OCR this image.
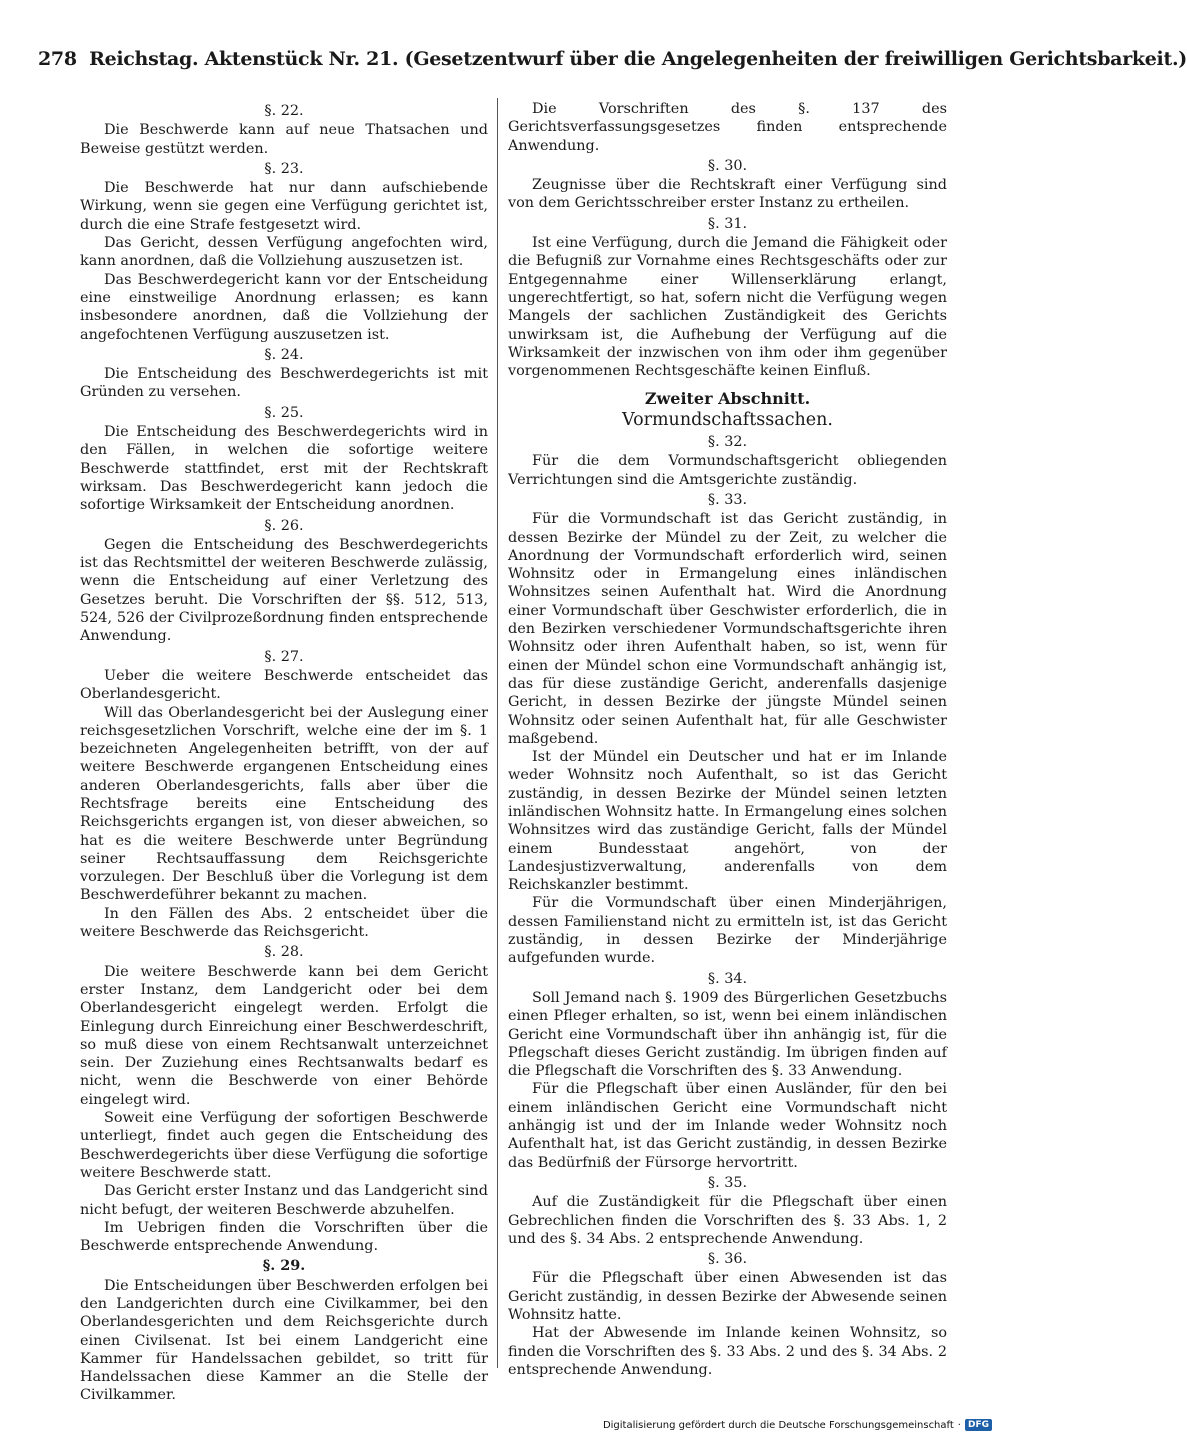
278 Reichstag. Aktenstück Nr. 21. (Gesetzentwurf über die Angelegenheiten der freiwilligen Gerichtsbarkeit.)
§. 22.
Die Beschwerde kann auf neue Thatsachen und Beweise gestützt werden.
§. 23.
Die Beschwerde hat nur dann aufschiebende Wirkung, wenn sie gegen eine Verfügung gerichtet ist, durch die eine Strafe festgesetzt wird.
Das Gericht, dessen Verfügung angefochten wird, kann anordnen, daß die Vollziehung auszusetzen ist.
Das Beschwerdegericht kann vor der Entscheidung eine einstweilige Anordnung erlassen; es kann insbesondere anordnen, daß die Vollziehung der angefochtenen Verfügung auszusetzen ist.
§. 24.
Die Entscheidung des Beschwerdegerichts ist mit Gründen zu versehen.
§. 25.
Die Entscheidung des Beschwerdegerichts wird in den Fällen, in welchen die sofortige weitere Beschwerde stattfindet, erst mit der Rechtskraft wirksam. Das Beschwerdegericht kann jedoch die sofortige Wirksamkeit der Entscheidung anordnen.
§. 26.
Gegen die Entscheidung des Beschwerdegerichts ist das Rechtsmittel der weiteren Beschwerde zulässig, wenn die Entscheidung auf einer Verletzung des Gesetzes beruht. Die Vorschriften der §§. 512, 513, 524, 526 der Civilprozeßordnung finden entsprechende Anwendung.
§. 27.
Ueber die weitere Beschwerde entscheidet das Oberlandesgericht.
Will das Oberlandesgericht bei der Auslegung einer reichsgesetzlichen Vorschrift, welche eine der im §. 1 bezeichneten Angelegenheiten betrifft, von der auf weitere Beschwerde ergangenen Entscheidung eines anderen Oberlandesgerichts, falls aber über die Rechtsfrage bereits eine Entscheidung des Reichsgerichts ergangen ist, von dieser abweichen, so hat es die weitere Beschwerde unter Begründung seiner Rechtsauffassung dem Reichsgerichte vorzulegen. Der Beschluß über die Vorlegung ist dem Beschwerdeführer bekannt zu machen.
In den Fällen des Abs. 2 entscheidet über die weitere Beschwerde das Reichsgericht.
§. 28.
Die weitere Beschwerde kann bei dem Gericht erster Instanz, dem Landgericht oder bei dem Oberlandesgericht eingelegt werden. Erfolgt die Einlegung durch Einreichung einer Beschwerdeschrift, so muß diese von einem Rechtsanwalt unterzeichnet sein. Der Zuziehung eines Rechtsanwalts bedarf es nicht, wenn die Beschwerde von einer Behörde eingelegt wird.
Soweit eine Verfügung der sofortigen Beschwerde unterliegt, findet auch gegen die Entscheidung des Beschwerdegerichts über diese Verfügung die sofortige weitere Beschwerde statt.
Das Gericht erster Instanz und das Landgericht sind nicht befugt, der weiteren Beschwerde abzuhelfen.
Im Uebrigen finden die Vorschriften über die Beschwerde entsprechende Anwendung.
§. 29.
Die Entscheidungen über Beschwerden erfolgen bei den Landgerichten durch eine Civilkammer, bei den Oberlandesgerichten und dem Reichsgerichte durch einen Civilsenat. Ist bei einem Landgericht eine Kammer für Handelssachen gebildet, so tritt für Handelssachen diese Kammer an die Stelle der Civilkammer.
Die Vorschriften des §. 137 des Gerichtsverfassungsgesetzes finden entsprechende Anwendung.
§. 30.
Zeugnisse über die Rechtskraft einer Verfügung sind von dem Gerichtsschreiber erster Instanz zu ertheilen.
§. 31.
Ist eine Verfügung, durch die Jemand die Fähigkeit oder die Befugniß zur Vornahme eines Rechtsgeschäfts oder zur Entgegennahme einer Willenserklärung erlangt, ungerechtfertigt, so hat, sofern nicht die Verfügung wegen Mangels der sachlichen Zuständigkeit des Gerichts unwirksam ist, die Aufhebung der Verfügung auf die Wirksamkeit der inzwischen von ihm oder ihm gegenüber vorgenommenen Rechtsgeschäfte keinen Einfluß.
Zweiter Abschnitt.
Vormundschaftssachen.
§. 32.
Für die dem Vormundschaftsgericht obliegenden Verrichtungen sind die Amtsgerichte zuständig.
§. 33.
Für die Vormundschaft ist das Gericht zuständig, in dessen Bezirke der Mündel zu der Zeit, zu welcher die Anordnung der Vormundschaft erforderlich wird, seinen Wohnsitz oder in Ermangelung eines inländischen Wohnsitzes seinen Aufenthalt hat. Wird die Anordnung einer Vormundschaft über Geschwister erforderlich, die in den Bezirken verschiedener Vormundschaftsgerichte ihren Wohnsitz oder ihren Aufenthalt haben, so ist, wenn für einen der Mündel schon eine Vormundschaft anhängig ist, das für diese zuständige Gericht, anderenfalls dasjenige Gericht, in dessen Bezirke der jüngste Mündel seinen Wohnsitz oder seinen Aufenthalt hat, für alle Geschwister maßgebend.
Ist der Mündel ein Deutscher und hat er im Inlande weder Wohnsitz noch Aufenthalt, so ist das Gericht zuständig, in dessen Bezirke der Mündel seinen letzten inländischen Wohnsitz hatte. In Ermangelung eines solchen Wohnsitzes wird das zuständige Gericht, falls der Mündel einem Bundesstaat angehört, von der Landesjustizverwaltung, anderenfalls von dem Reichskanzler bestimmt.
Für die Vormundschaft über einen Minderjährigen, dessen Familienstand nicht zu ermitteln ist, ist das Gericht zuständig, in dessen Bezirke der Minderjährige aufgefunden wurde.
§. 34.
Soll Jemand nach §. 1909 des Bürgerlichen Gesetzbuchs einen Pfleger erhalten, so ist, wenn bei einem inländischen Gericht eine Vormundschaft über ihn anhängig ist, für die Pflegschaft dieses Gericht zuständig. Im übrigen finden auf die Pflegschaft die Vorschriften des §. 33 Anwendung.
Für die Pflegschaft über einen Ausländer, für den bei einem inländischen Gericht eine Vormundschaft nicht anhängig ist und der im Inlande weder Wohnsitz noch Aufenthalt hat, ist das Gericht zuständig, in dessen Bezirke das Bedürfniß der Fürsorge hervortritt.
§. 35.
Auf die Zuständigkeit für die Pflegschaft über einen Gebrechlichen finden die Vorschriften des §. 33 Abs. 1, 2 und des §. 34 Abs. 2 entsprechende Anwendung.
§. 36.
Für die Pflegschaft über einen Abwesenden ist das Gericht zuständig, in dessen Bezirke der Abwesende seinen Wohnsitz hatte.
Hat der Abwesende im Inlande keinen Wohnsitz, so finden die Vorschriften des §. 33 Abs. 2 und des §. 34 Abs. 2 entsprechende Anwendung.
Digitalisierung gefördert durch die Deutsche Forschungsgemeinschaft · DFG
